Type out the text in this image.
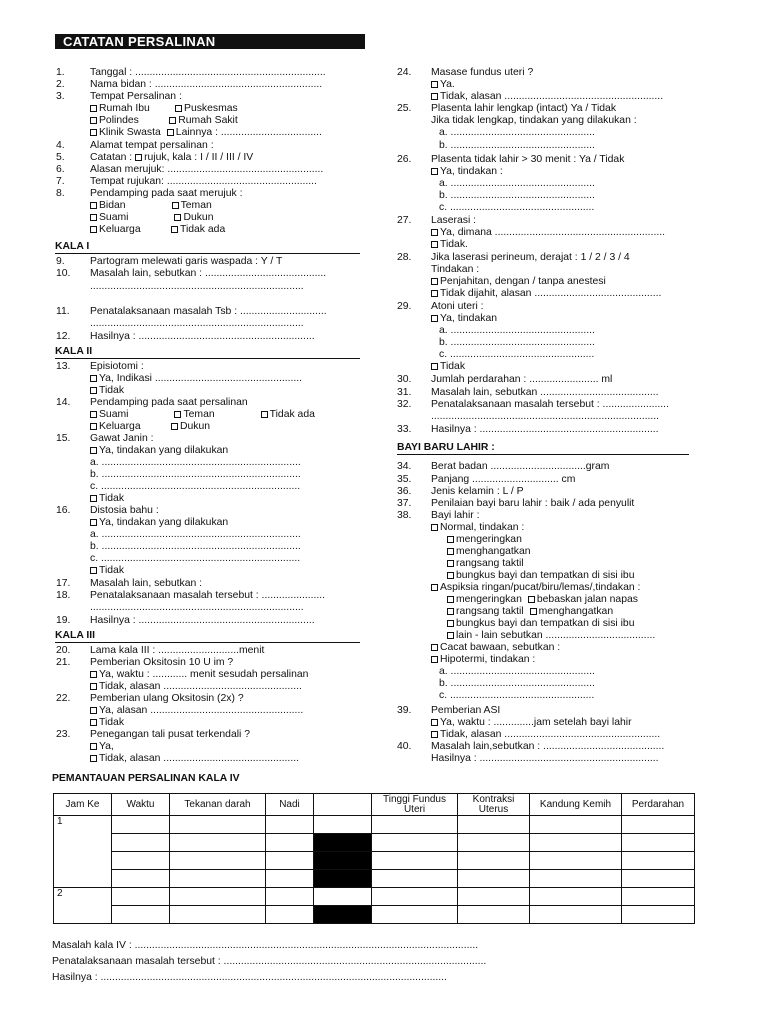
CATATAN PERSALINAN
1. Tanggal : ..................................................................
2. Nama bidan : ..........................................................
3. Tempat Persalinan :
Rumah Ibu	Puskesmas
Polindes	Rumah Sakit
Klinik Swasta Lainnya : ...................................
4. Alamat tempat persalinan :
5. Catatan : rujuk, kala : I / II / III / IV
6. Alasan merujuk: ......................................................
7. Tempat rujukan: ....................................................
8. Pendamping pada saat merujuk :
Bidan	Teman
Suami	Dukun
Keluarga	Tidak ada
9. Partogram melewati garis waspada : Y / T
10. Masalah lain, sebutkan : ..........................................
..........................................................................
11. Penatalaksanaan masalah Tsb : ..............................
..........................................................................
12. Hasilnya : .............................................................
13. Episiotomi :
Ya, Indikasi ...................................................
Tidak
14. Pendamping pada saat persalinan
Suami	Teman	Tidak ada
Keluarga	Dukun
15. Gawat Janin :
Ya, tindakan yang dilakukan
a. .....................................................................
b. .....................................................................
c. .....................................................................
Tidak
16. Distosia bahu :
Ya, tindakan yang dilakukan
a. .....................................................................
b. .....................................................................
c. .....................................................................
Tidak
17. Masalah lain, sebutkan :
18. Penatalaksanaan masalah tersebut : ......................
..........................................................................
19. Hasilnya : .............................................................
20. Lama kala III : ............................menit
21. Pemberian Oksitosin 10 U im ?
Ya, waktu : ............ menit sesudah persalinan
Tidak, alasan ................................................
22. Pemberian ulang Oksitosin (2x) ?
Ya, alasan .....................................................
Tidak
23. Penegangan tali pusat terkendali ?
Ya,
Tidak, alasan ...............................................
KALA I
KALA II
KALA III
24. Masase fundus uteri ?
Ya.
Tidak, alasan .......................................................
25. Plasenta lahir lengkap (intact) Ya / Tidak
Jika tidak lengkap, tindakan yang dilakukan :
a. ..................................................
b. ..................................................
26. Plasenta tidak lahir > 30 menit : Ya / Tidak
Ya, tindakan :
a. ..................................................
b. ..................................................
c. ..................................................
27. Laserasi :
Ya, dimana ...........................................................
Tidak.
28. Jika laserasi perineum, derajat : 1 / 2 / 3 / 4
Tindakan :
Penjahitan, dengan / tanpa anestesi
Tidak dijahit, alasan ............................................
29. Atoni uteri :
Ya, tindakan
a. ..................................................
b. ..................................................
c. ..................................................
Tidak
30. Jumlah perdarahan : ........................ ml
31. Masalah lain, sebutkan .........................................
32. Penatalaksanaan masalah tersebut : .......................
...............................................................................
33. Hasilnya : ..............................................................
34. Berat badan .................................gram
35. Panjang .............................. cm
36. Jenis kelamin : L / P
37. Penilaian bayi baru lahir : baik / ada penyulit
38. Bayi lahir :
Normal, tindakan :
mengeringkan
menghangatkan
rangsang taktil
bungkus bayi dan tempatkan di sisi ibu
Aspiksia ringan/pucat/biru/lemas/,tindakan :
mengeringkan bebaskan jalan napas
rangsang taktil menghangatkan
bungkus bayi dan tempatkan di sisi ibu
lain - lain sebutkan ......................................
Cacat bawaan, sebutkan :
Hipotermi, tindakan :
a. ..................................................
b. ..................................................
c. ..................................................
39. Pemberian ASI
Ya, waktu : ..............jam setelah bayi lahir
Tidak, alasan ......................................................
40. Masalah lain,sebutkan : ..........................................
Hasilnya : ..............................................................
BAYI BARU LAHIR :
PEMANTAUAN PERSALINAN KALA IV
Jam Ke	Waktu	Tekanan darah	Nadi		Tinggi Fundus Uteri	Kontraksi Uterus	Kandung Kemih	Perdarahan
1								

2								

Masalah kala IV : .......................................................................................................................
Penatalaksanaan masalah tersebut : ...........................................................................................
Hasilnya : ........................................................................................................................
